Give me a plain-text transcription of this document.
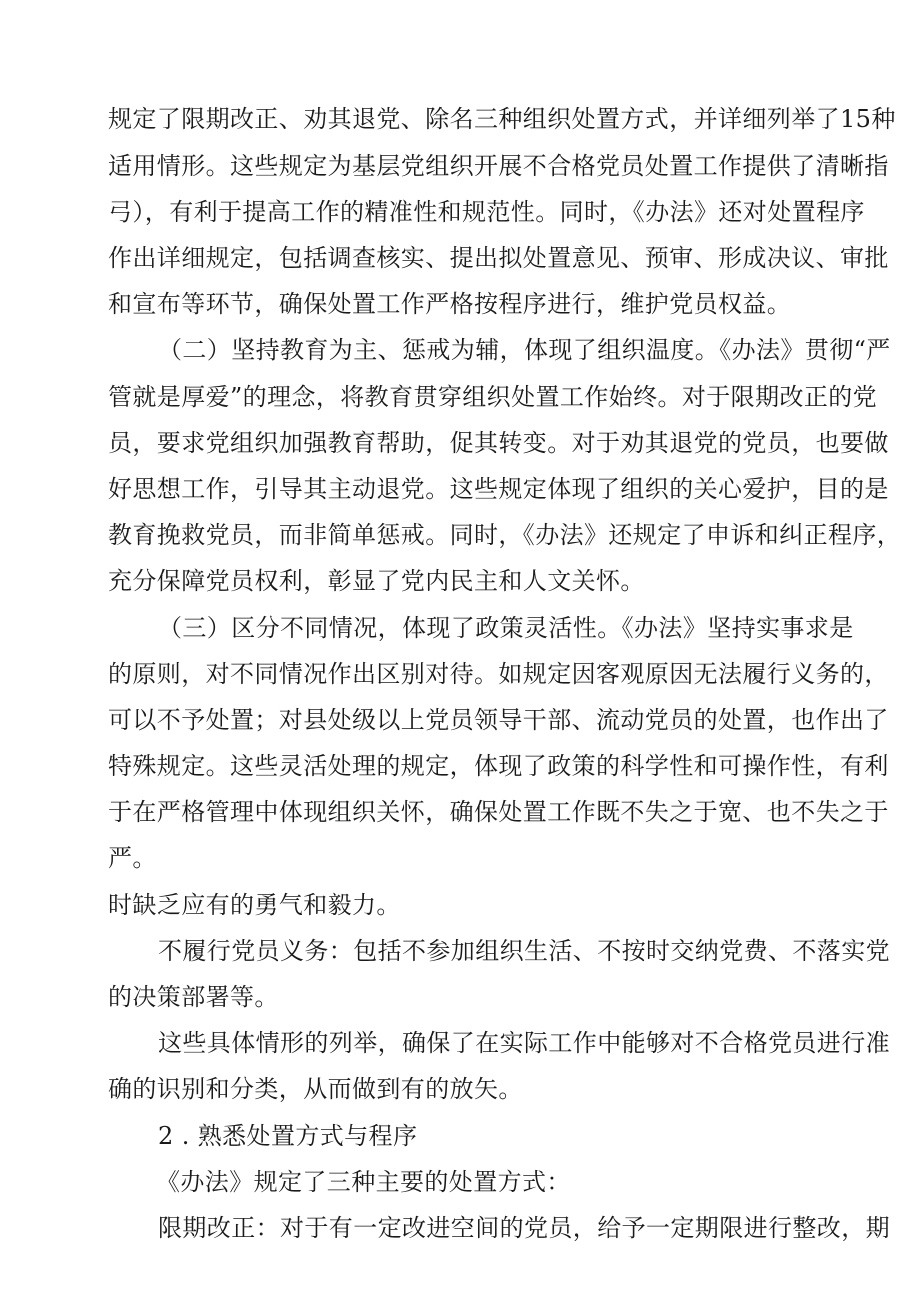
规定了限期改正、劝其退党、除名三种组织处置方式，并详细列举了15种
适用情形。这些规定为基层党组织开展不合格党员处置工作提供了清晰指
弓），有利于提高工作的精准性和规范性。同时，《办法》还对处置程序
作出详细规定，包括调查核实、提出拟处置意见、预审、形成决议、审批
和宣布等环节，确保处置工作严格按程序进行，维护党员权益。
（二）坚持教育为主、惩戒为辅，体现了组织温度。《办法》贯彻“严
管就是厚爱”的理念，将教育贯穿组织处置工作始终。对于限期改正的党
员，要求党组织加强教育帮助，促其转变。对于劝其退党的党员，也要做
好思想工作，引导其主动退党。这些规定体现了组织的关心爱护，目的是
教育挽救党员，而非简单惩戒。同时，《办法》还规定了申诉和纠正程序，
充分保障党员权利，彰显了党内民主和人文关怀。
（三）区分不同情况，体现了政策灵活性。《办法》坚持实事求是
的原则，对不同情况作出区别对待。如规定因客观原因无法履行义务的，
可以不予处置；对县处级以上党员领导干部、流动党员的处置，也作出了
特殊规定。这些灵活处理的规定，体现了政策的科学性和可操作性，有利
于在严格管理中体现组织关怀，确保处置工作既不失之于宽、也不失之于
严。
时缺乏应有的勇气和毅力。
不履行党员义务：包括不参加组织生活、不按时交纳党费、不落实党
的决策部署等。
这些具体情形的列举，确保了在实际工作中能够对不合格党员进行准
确的识别和分类，从而做到有的放矢。
2 . 熟悉处置方式与程序
《办法》规定了三种主要的处置方式：
限期改正：对于有一定改进空间的党员，给予一定期限进行整改，期
